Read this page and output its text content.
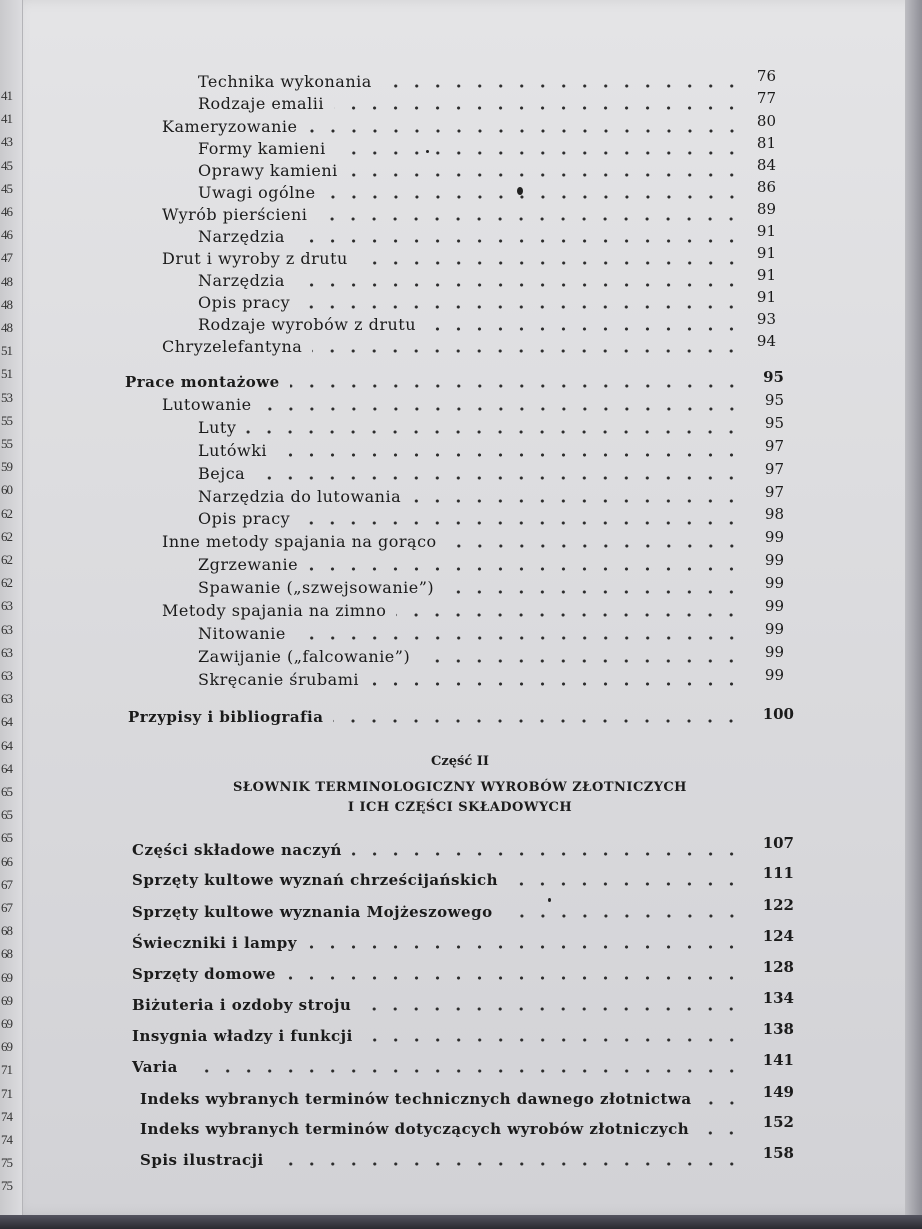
41
41
43
45
45
46
46
47
48
48
48
51
51
53
55
55
59
60
62
62
62
62
63
63
63
63
63
64
64
64
65
65
65
66
67
67
68
68
69
69
69
69
71
71
74
74
75
75
Technika wykonania	76
Rodzaje emalii	77
Kameryzowanie	80
Formy kamieni	81
Oprawy kamieni	84
Uwagi ogólne	86
Wyrób pierścieni	89
Narzędzia	91
Drut i wyroby z drutu	91
Narzędzia	91
Opis pracy	91
Rodzaje wyrobów z drutu	93
Chryzelefantyna	94
Prace montażowe	95
Lutowanie	95
Luty	95
Lutówki	97
Bejca	97
Narzędzia do lutowania	97
Opis pracy	98
Inne metody spajania na gorąco	99
Zgrzewanie	99
Spawanie („szwejsowanie”)	99
Metody spajania na zimno	99
Nitowanie	99
Zawijanie („falcowanie”)	99
Skręcanie śrubami	99
Przypisy i bibliografia	100
Części składowe naczyń	107
Sprzęty kultowe wyznań chrześcijańskich	111
Sprzęty kultowe wyznania Mojżeszowego	122
Świeczniki i lampy	124
Sprzęty domowe	128
Biżuteria i ozdoby stroju	134
Insygnia władzy i funkcji	138
Varia	141
Indeks wybranych terminów technicznych dawnego złotnictwa	149
Indeks wybranych terminów dotyczących wyrobów złotniczych	152
Spis ilustracji	158
Część II
SŁOWNIK TERMINOLOGICZNY WYROBÓW ZŁOTNICZYCH
I ICH CZĘŚCI SKŁADOWYCH
